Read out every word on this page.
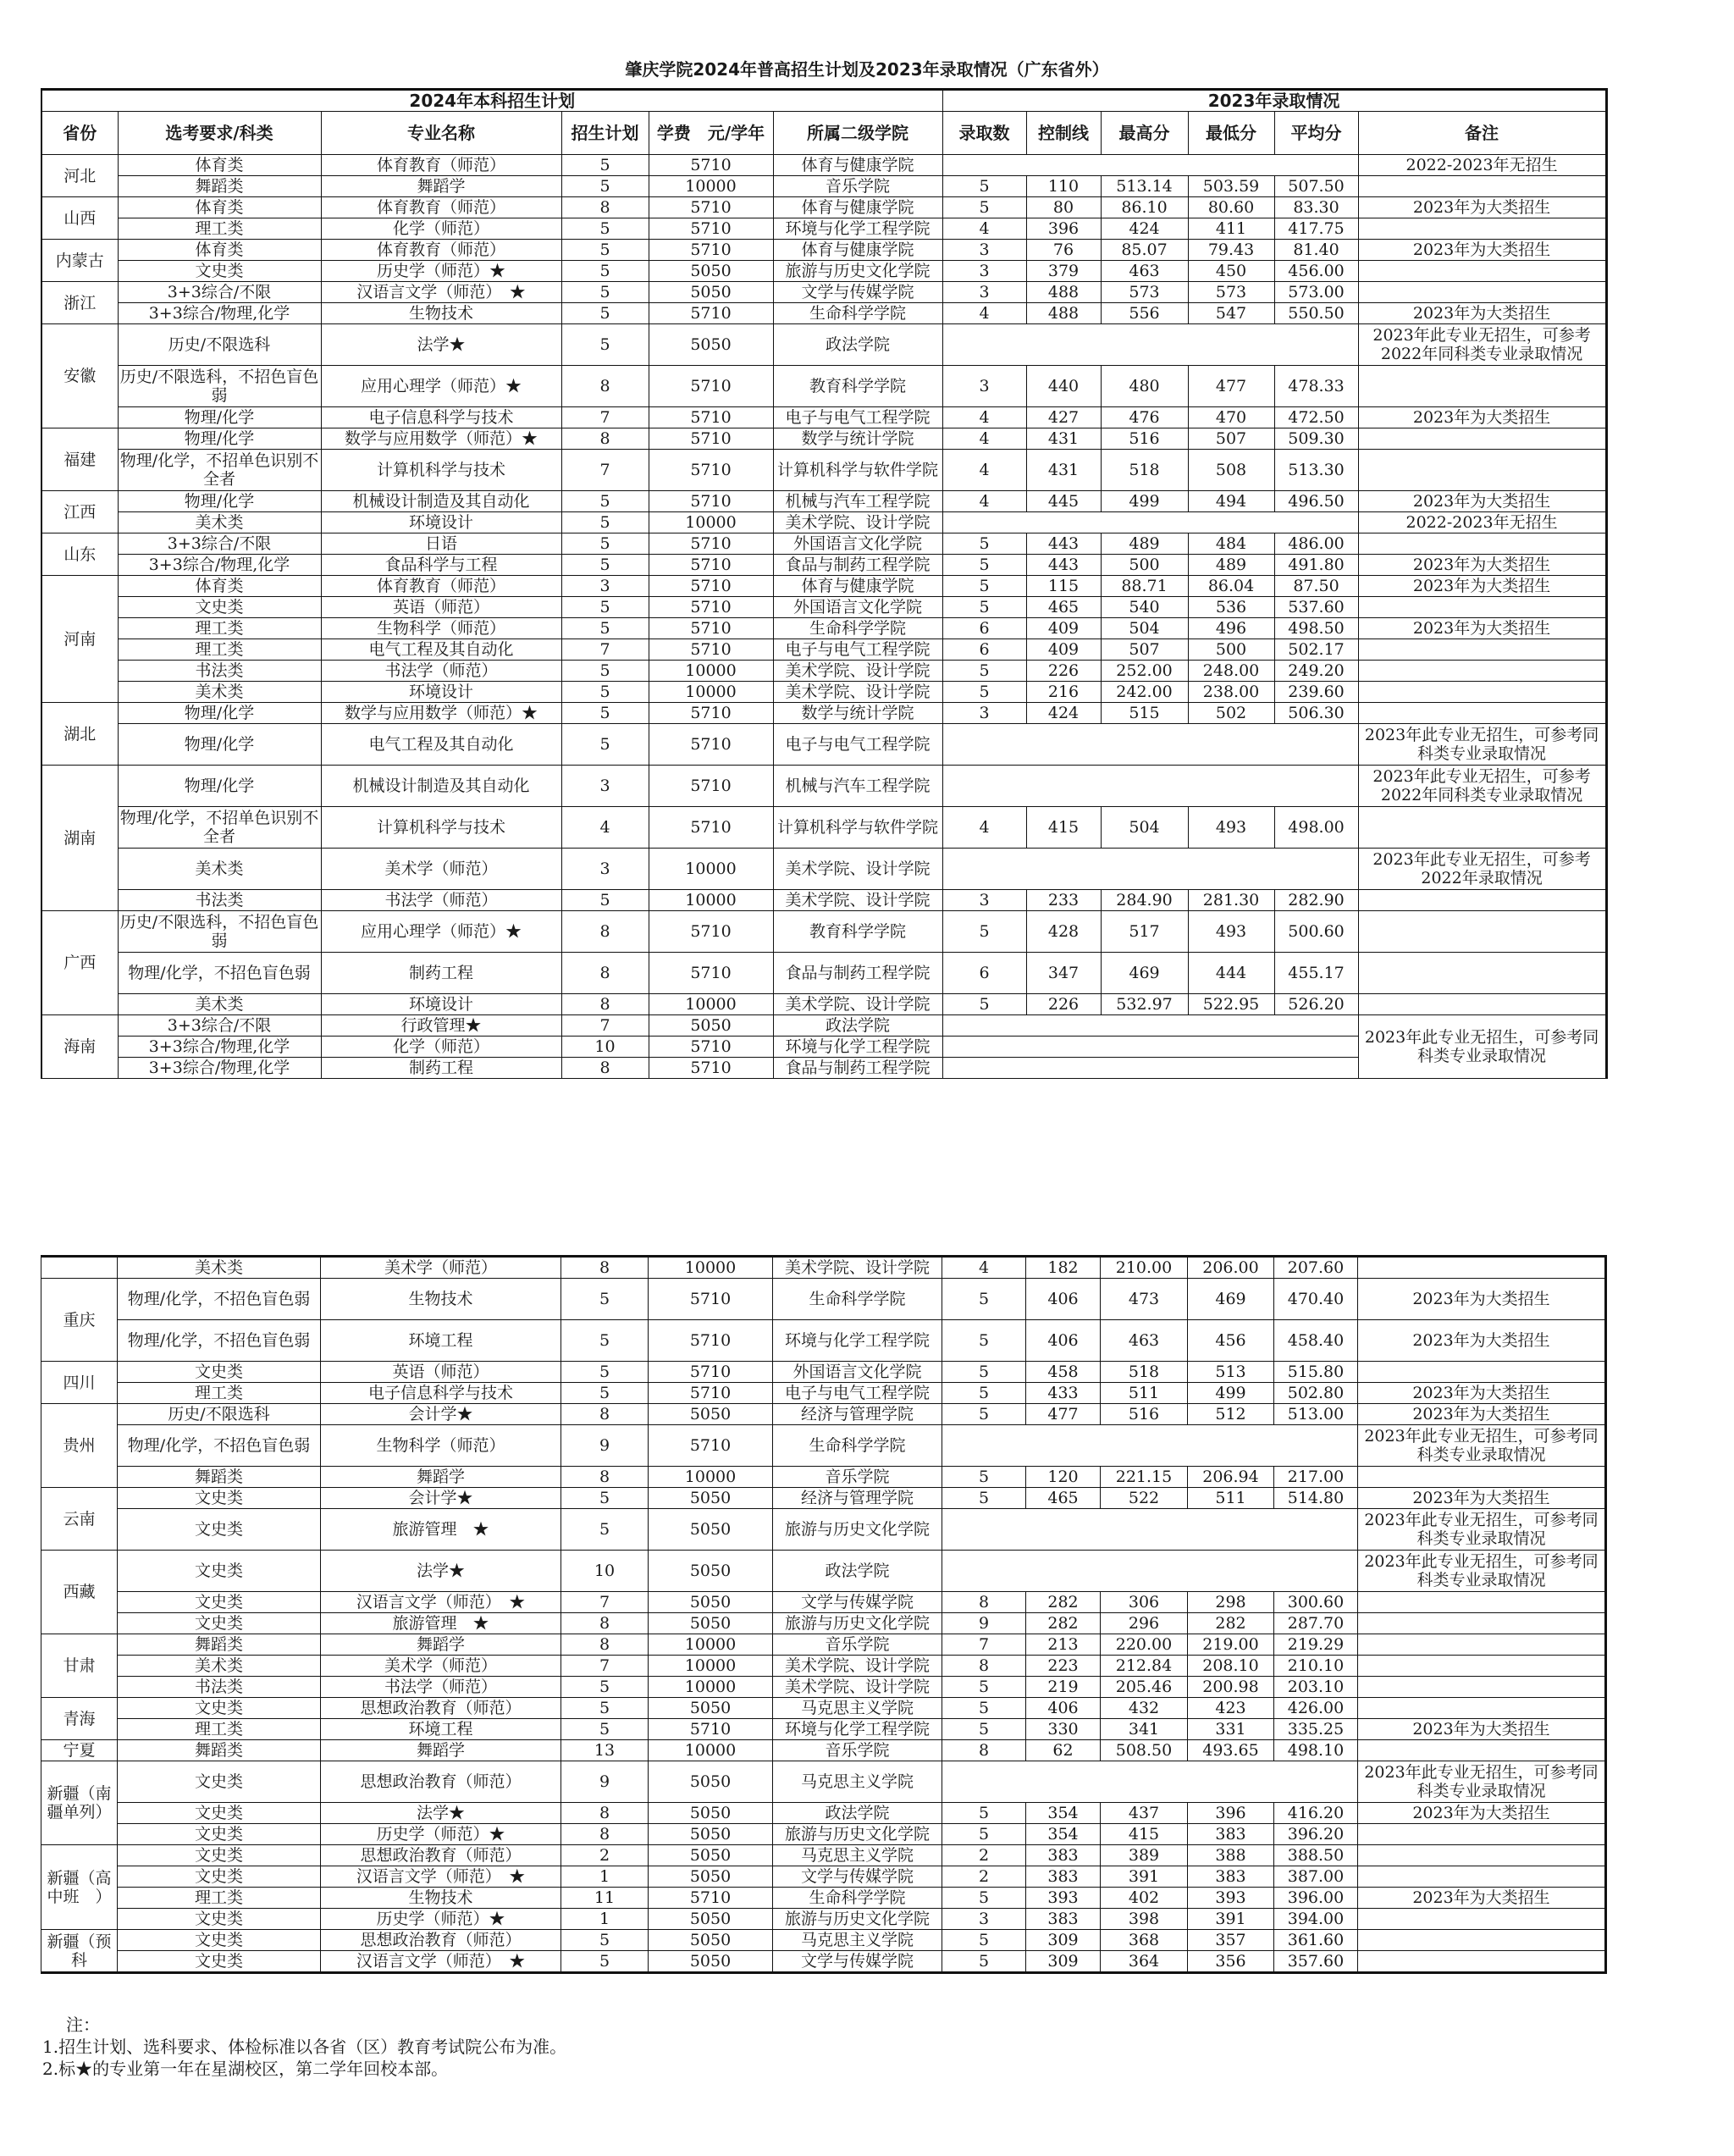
肇庆学院2024年普高招生计划及2023年录取情况（广东省外）
2024年本科招生计划						2023年录取情况					
省份	选考要求/科类	专业名称	招生计划	学费　元/学年	所属二级学院	录取数	控制线	最高分	最低分	平均分	备注
河北	体育类	体育教育（师范）	5	5710	体育与健康学院						2022-2023年无招生
	舞蹈类	舞蹈学	5	10000	音乐学院	5	110	513.14	503.59	507.50	
山西	体育类	体育教育（师范）	8	5710	体育与健康学院	5	80	86.10	80.60	83.30	2023年为大类招生
	理工类	化学（师范）	5	5710	环境与化学工程学院	4	396	424	411	417.75	
内蒙古	体育类	体育教育（师范）	5	5710	体育与健康学院	3	76	85.07	79.43	81.40	2023年为大类招生
	文史类	历史学（师范）★	5	5050	旅游与历史文化学院	3	379	463	450	456.00	
浙江	3+3综合/不限	汉语言文学（师范）　★	5	5050	文学与传媒学院	3	488	573	573	573.00	
	3+3综合/物理,化学	生物技术	5	5710	生命科学学院	4	488	556	547	550.50	2023年为大类招生
安徽	历史/不限选科	法学★	5	5050	政法学院						2023年此专业无招生，可参考2022年同科类专业录取情况
	历史/不限选科，不招色盲色弱	应用心理学（师范）★	8	5710	教育科学学院	3	440	480	477	478.33	
	物理/化学	电子信息科学与技术	7	5710	电子与电气工程学院	4	427	476	470	472.50	2023年为大类招生
福建	物理/化学	数学与应用数学（师范）★	8	5710	数学与统计学院	4	431	516	507	509.30	
	物理/化学，不招单色识别不全者	计算机科学与技术	7	5710	计算机科学与软件学院	4	431	518	508	513.30	
江西	物理/化学	机械设计制造及其自动化	5	5710	机械与汽车工程学院	4	445	499	494	496.50	2023年为大类招生
	美术类	环境设计	5	10000	美术学院、设计学院						2022-2023年无招生
山东	3+3综合/不限	日语	5	5710	外国语言文化学院	5	443	489	484	486.00	
	3+3综合/物理,化学	食品科学与工程	5	5710	食品与制药工程学院	5	443	500	489	491.80	2023年为大类招生
河南	体育类	体育教育（师范）	3	5710	体育与健康学院	5	115	88.71	86.04	87.50	2023年为大类招生
	文史类	英语（师范）	5	5710	外国语言文化学院	5	465	540	536	537.60	
	理工类	生物科学（师范）	5	5710	生命科学学院	6	409	504	496	498.50	2023年为大类招生
	理工类	电气工程及其自动化	7	5710	电子与电气工程学院	6	409	507	500	502.17	
	书法类	书法学（师范）	5	10000	美术学院、设计学院	5	226	252.00	248.00	249.20	
	美术类	环境设计	5	10000	美术学院、设计学院	5	216	242.00	238.00	239.60	
湖北	物理/化学	数学与应用数学（师范）★	5	5710	数学与统计学院	3	424	515	502	506.30	
	物理/化学	电气工程及其自动化	5	5710	电子与电气工程学院						2023年此专业无招生，可参考同科类专业录取情况
湖南	物理/化学	机械设计制造及其自动化	3	5710	机械与汽车工程学院						2023年此专业无招生，可参考2022年同科类专业录取情况
	物理/化学，不招单色识别不全者	计算机科学与技术	4	5710	计算机科学与软件学院	4	415	504	493	498.00	
	美术类	美术学（师范）	3	10000	美术学院、设计学院						2023年此专业无招生，可参考2022年录取情况
	书法类	书法学（师范）	5	10000	美术学院、设计学院	3	233	284.90	281.30	282.90	
广西	历史/不限选科，不招色盲色弱	应用心理学（师范）★	8	5710	教育科学学院	5	428	517	493	500.60	
	物理/化学，不招色盲色弱	制药工程	8	5710	食品与制药工程学院	6	347	469	444	455.17	
	美术类	环境设计	8	10000	美术学院、设计学院	5	226	532.97	522.95	526.20	
海南	3+3综合/不限	行政管理★	7	5050	政法学院						2023年此专业无招生，可参考同科类专业录取情况
	3+3综合/物理,化学	化学（师范）	10	5710	环境与化学工程学院						
	3+3综合/物理,化学	制药工程	8	5710	食品与制药工程学院						
	美术类	美术学（师范）	8	10000	美术学院、设计学院	4	182	210.00	206.00	207.60	
重庆	物理/化学，不招色盲色弱	生物技术	5	5710	生命科学学院	5	406	473	469	470.40	2023年为大类招生
	物理/化学，不招色盲色弱	环境工程	5	5710	环境与化学工程学院	5	406	463	456	458.40	2023年为大类招生
四川	文史类	英语（师范）	5	5710	外国语言文化学院	5	458	518	513	515.80	
	理工类	电子信息科学与技术	5	5710	电子与电气工程学院	5	433	511	499	502.80	2023年为大类招生
贵州	历史/不限选科	会计学★	8	5050	经济与管理学院	5	477	516	512	513.00	2023年为大类招生
	物理/化学，不招色盲色弱	生物科学（师范）	9	5710	生命科学学院						2023年此专业无招生，可参考同科类专业录取情况
	舞蹈类	舞蹈学	8	10000	音乐学院	5	120	221.15	206.94	217.00	
云南	文史类	会计学★	5	5050	经济与管理学院	5	465	522	511	514.80	2023年为大类招生
	文史类	旅游管理　★	5	5050	旅游与历史文化学院						2023年此专业无招生，可参考同科类专业录取情况
西藏	文史类	法学★	10	5050	政法学院						2023年此专业无招生，可参考同科类专业录取情况
	文史类	汉语言文学（师范）　★	7	5050	文学与传媒学院	8	282	306	298	300.60	
	文史类	旅游管理　★	8	5050	旅游与历史文化学院	9	282	296	282	287.70	
甘肃	舞蹈类	舞蹈学	8	10000	音乐学院	7	213	220.00	219.00	219.29	
	美术类	美术学（师范）	7	10000	美术学院、设计学院	8	223	212.84	208.10	210.10	
	书法类	书法学（师范）	5	10000	美术学院、设计学院	5	219	205.46	200.98	203.10	
青海	文史类	思想政治教育（师范）	5	5050	马克思主义学院	5	406	432	423	426.00	
	理工类	环境工程	5	5710	环境与化学工程学院	5	330	341	331	335.25	2023年为大类招生
宁夏	舞蹈类	舞蹈学	13	10000	音乐学院	8	62	508.50	493.65	498.10	
新疆（南疆单列）	文史类	思想政治教育（师范）	9	5050	马克思主义学院						2023年此专业无招生，可参考同科类专业录取情况
	文史类	法学★	8	5050	政法学院	5	354	437	396	416.20	2023年为大类招生
	文史类	历史学（师范）★	8	5050	旅游与历史文化学院	5	354	415	383	396.20	
新疆（高中班　）	文史类	思想政治教育（师范）	2	5050	马克思主义学院	2	383	389	388	388.50	
	文史类	汉语言文学（师范）　★	1	5050	文学与传媒学院	2	383	391	383	387.00	
	理工类	生物技术	11	5710	生命科学学院	5	393	402	393	396.00	2023年为大类招生
	文史类	历史学（师范）★	1	5050	旅游与历史文化学院	3	383	398	391	394.00	
新疆（预科	文史类	思想政治教育（师范）	5	5050	马克思主义学院	5	309	368	357	361.60	
	文史类	汉语言文学（师范）　★	5	5050	文学与传媒学院	5	309	364	356	357.60	
注：
1.招生计划、选科要求、体检标准以各省（区）教育考试院公布为准。
2.标★的专业第一年在星湖校区，第二学年回校本部。
